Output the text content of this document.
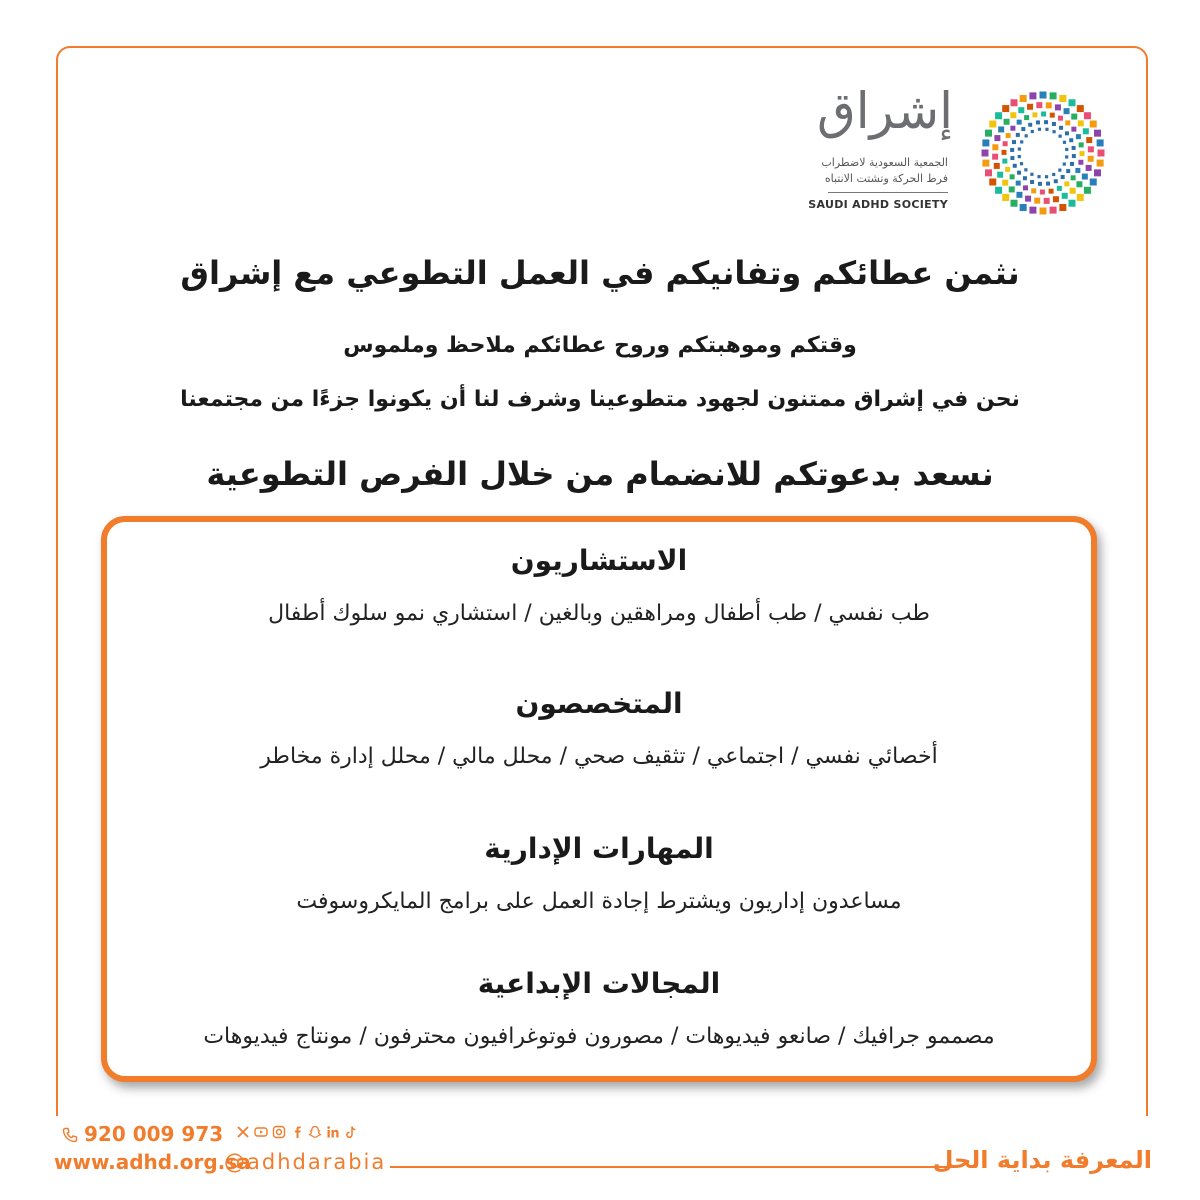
إشراق
الجمعية السعودية لاضطراب
فرط الحركة وتشتت الانتباه
SAUDI ADHD SOCIETY
نثمن عطائكم وتفانيكم في العمل التطوعي مع إشراق
وقتكم وموهبتكم وروح عطائكم ملاحظ وملموس
نحن في إشراق ممتنون لجهود متطوعينا وشرف لنا أن يكونوا جزءًا من مجتمعنا
نسعد بدعوتكم للانضمام من خلال الفرص التطوعية
الاستشاريون
طب نفسي / طب أطفال ومراهقين وبالغين / استشاري نمو سلوك أطفال
المتخصصون
أخصائي نفسي / اجتماعي / تثقيف صحي / محلل مالي / محلل إدارة مخاطر
المهارات الإدارية
مساعدون إداريون ويشترط إجادة العمل على برامج المايكروسوفت
المجالات الإبداعية
مصممو جرافيك / صانعو فيديوهات / مصورون فوتوغرافيون محترفون / مونتاج فيديوهات
920 009 973
www.adhd.org.sa
@adhdarabia	المعرفة بداية الحل
